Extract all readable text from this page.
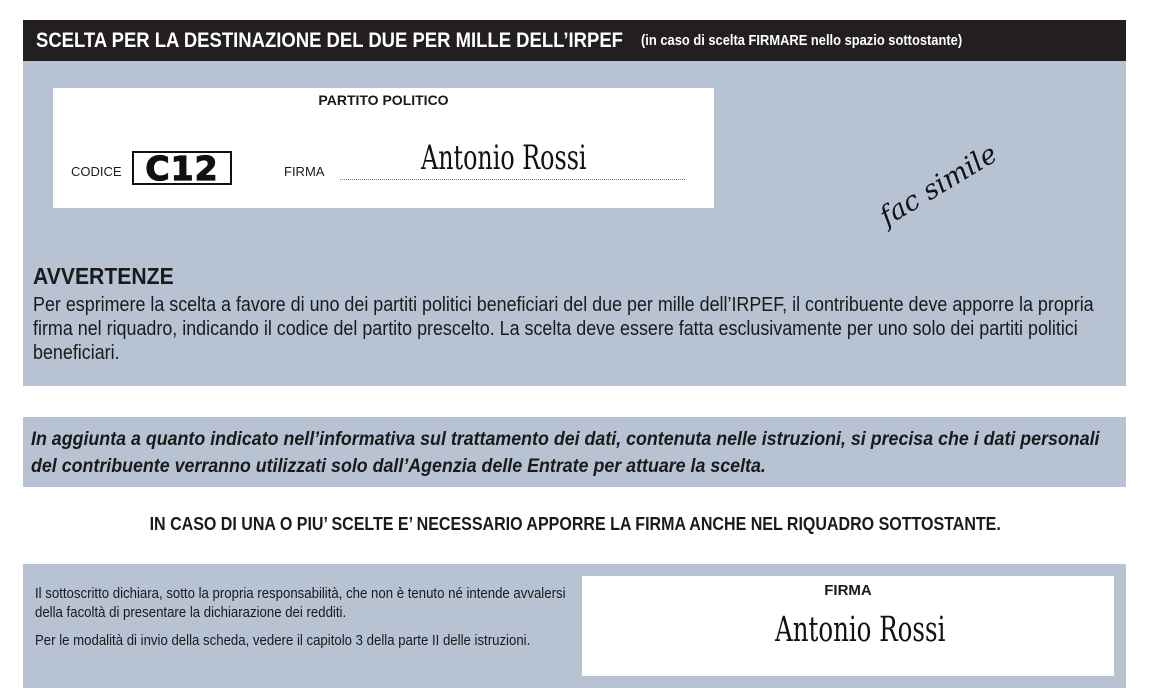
SCELTA PER LA DESTINAZIONE DEL DUE PER MILLE DELL’IRPEF (in caso di scelta FIRMARE nello spazio sottostante)
PARTITO POLITICO
CODICE C12	FIRMA	Antonio Rossi	fac simile
AVVERTENZE
Per esprimere la scelta a favore di uno dei partiti politici beneficiari del due per mille dell’IRPEF, il contribuente deve apporre la propria firma nel riquadro, indicando il codice del partito prescelto. La scelta deve essere fatta esclusivamente per uno solo dei partiti politici beneficiari.
In aggiunta a quanto indicato nell’informativa sul trattamento dei dati, contenuta nelle istruzioni, si precisa che i dati personali del contribuente verranno utilizzati solo dall’Agenzia delle Entrate per attuare la scelta.
IN CASO DI UNA O PIU’ SCELTE E’ NECESSARIO APPORRE LA FIRMA ANCHE NEL RIQUADRO SOTTOSTANTE.

Il sottoscritto dichiara, sotto la propria responsabilità, che non è tenuto né intende avvalersi della facoltà di presentare la dichiarazione dei redditi.

Per le modalità di invio della scheda, vedere il capitolo 3 della parte II delle istruzioni.

FIRMA
Antonio Rossi
